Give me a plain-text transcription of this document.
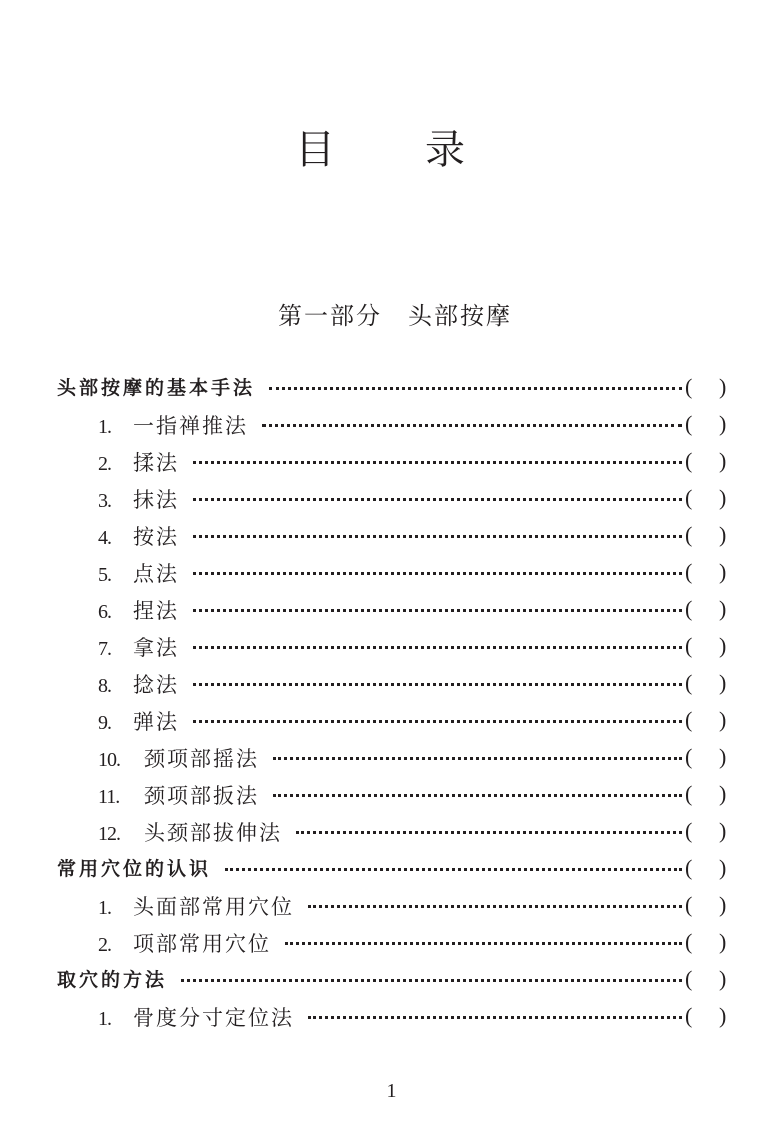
目 录
第一部分 头部按摩
头部按摩的基本手法	( )
1. 一指禅推法	( )
2. 揉法	( )
3. 抹法	( )
4. 按法	( )
5. 点法	( )
6. 捏法	( )
7. 拿法	( )
8. 捻法	( )
9. 弹法	( )
10. 颈项部摇法	( )
11. 颈项部扳法	( )
12. 头颈部拔伸法	( )
常用穴位的认识	( )
1. 头面部常用穴位	( )
2. 项部常用穴位	( )
取穴的方法	( )
1. 骨度分寸定位法	( )
1
